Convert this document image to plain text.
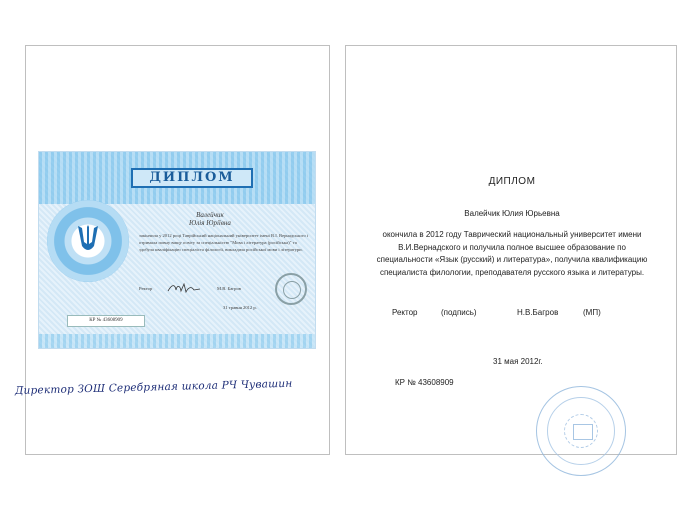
ДИПЛОМ
Валейчик
Юлія Юріївна
закінчила у 2012 році Таврійський національний університет імені В.І. Вернадського і отримала повну вищу освіту за спеціальністю "Мова і література (російська)" та здобула кваліфікацію спеціаліста філології, викладача російської мови і літератури.
Ректор	М.В. Багров
31 травня 2012 р.
КР № 43608909
ДИПЛОМ
Валейчик Юлия Юрьевна
окончила в 2012 году Таврический национальный университет имени
В.И.Вернадского и получила полное высшее образование по
специальности «Язык (русский) и литература», получила квалификацию
специалиста филологии, преподавателя русского языка и литературы.
Ректор	(подпись)	Н.В.Багров	(МП)
31 мая 2012г.
КР № 43608909
Директор ЗОШ Серебряная школа РЧ Чувашин
